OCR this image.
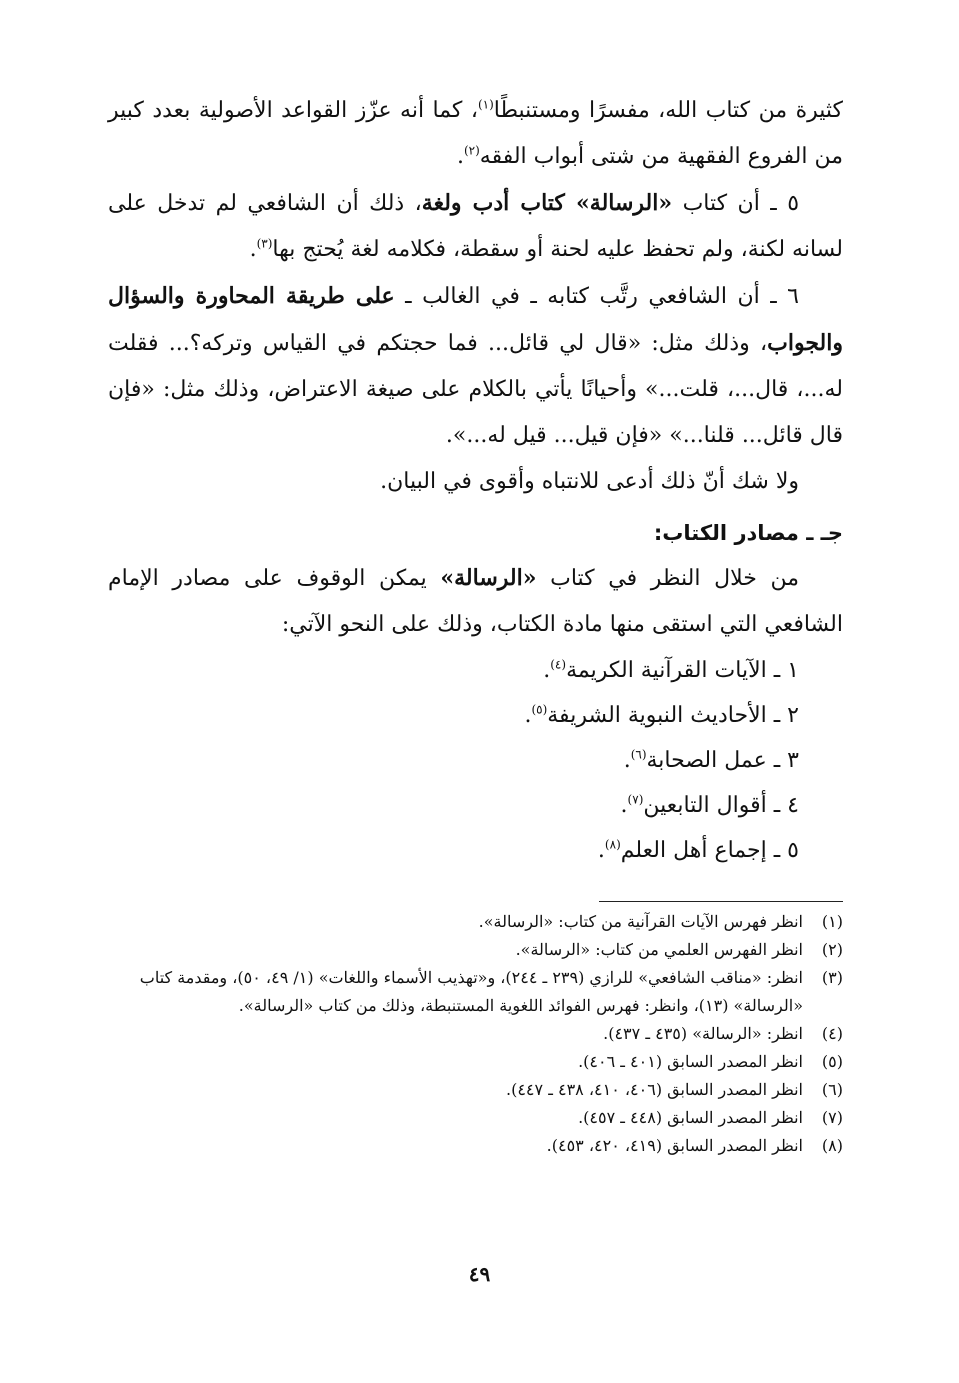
كثيرة من كتاب الله، مفسرًا ومستنبطًا$^{(١)}$، كما أنه عزّز القواعد الأصولية بعدد كبير من الفروع الفقهية من شتى أبواب الفقه$^{(٢)}$.

٥ ـ أن كتاب «الرسالة» كتاب أدب ولغة، ذلك أن الشافعي لم تدخل على لسانه لكنة، ولم تحفظ عليه لحنة أو سقطة، فكلامه لغة يُحتج بها$^{(٣)}$.

٦ ـ أن الشافعي رتَّب كتابه ـ في الغالب ـ على طريقة المحاورة والسؤال والجواب، وذلك مثل: «قال لي قائل... فما حجتكم في القياس وتركه؟... فقلت له...، قال...، قلت...» وأحيانًا يأتي بالكلام على صيغة الاعتراض، وذلك مثل: «فإن قال قائل... قلنا...» «فإن قيل... قيل له...».

ولا شك أنّ ذلك أدعى للانتباه وأقوى في البيان.

جـ ـ مصادر الكتاب:

من خلال النظر في كتاب «الرسالة» يمكن الوقوف على مصادر الإمام الشافعي التي استقى منها مادة الكتاب، وذلك على النحو الآتي:

١ ـ الآيات القرآنية الكريمة$^{(٤)}$.
٢ ـ الأحاديث النبوية الشريفة$^{(٥)}$.
٣ ـ عمل الصحابة$^{(٦)}$.
٤ ـ أقوال التابعين$^{(٧)}$.
٥ ـ إجماع أهل العلم$^{(٨)}$.
(١)
انظر فهرس الآيات القرآنية من كتاب: «الرسالة».
(٢)
انظر الفهرس العلمي من كتاب: «الرسالة».
(٣)
انظر: «مناقب الشافعي» للرازي (٢٣٩ ـ ٢٤٤)، و«تهذيب الأسماء واللغات» (١/ ٤٩، ٥٠)، ومقدمة كتاب «الرسالة» (١٣)، وانظر: فهرس الفوائد اللغوية المستنبطة، وذلك من كتاب «الرسالة».
(٤)
انظر: «الرسالة» (٤٣٥ ـ ٤٣٧).
(٥)
انظر المصدر السابق (٤٠١ ـ ٤٠٦).
(٦)
انظر المصدر السابق (٤٠٦، ٤١٠، ٤٣٨ ـ ٤٤٧).
(٧)
انظر المصدر السابق (٤٤٨ ـ ٤٥٧).
(٨)
انظر المصدر السابق (٤١٩، ٤٢٠، ٤٥٣).
٤٩
